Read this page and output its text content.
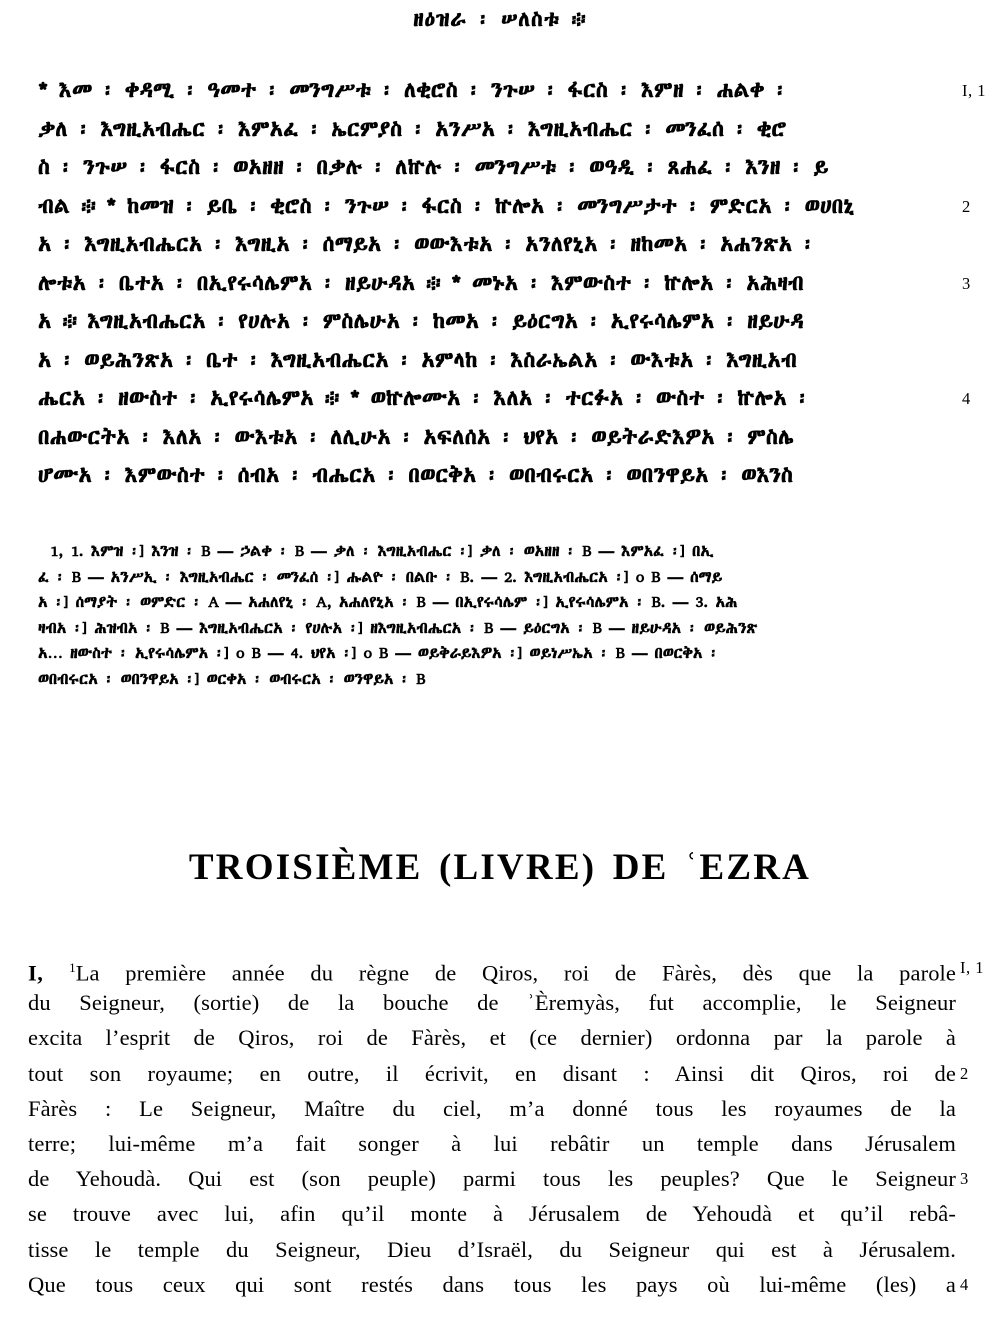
ዘዕዝራ ፡ ሠለስቱ ፨
* እመ ፡ ቀዳሚ ፡ ዓመተ ፡ መንግሥቱ ፡ ለቂሮስ ፡ ንጉሠ ፡ ፋርስ ፡ እምዘ ፡ ሐልቀ ፡	I, 1
ቃለ ፡ እግዚአብሔር ፡ እምአፈ ፡ ኤርምያስ ፡ አንሥአ ፡ እግዚአብሔር ፡ መንፈሰ ፡ ቂሮ
ስ ፡ ንጉሠ ፡ ፋርስ ፡ ወአዘዘ ፡ በቃሉ ፡ ለኵሉ ፡ መንግሥቱ ፡ ወዓዲ ፡ ጸሐፈ ፡ እንዘ ፡ ይ
ብል ፨ * ከመዝ ፡ ይቤ ፡ ቂሮስ ፡ ንጉሠ ፡ ፋርስ ፡ ኵሎአ ፡ መንግሥታተ ፡ ምድርአ ፡ ወሀበኒ	2
አ ፡ እግዚአብሔርአ ፡ እግዚአ ፡ ሰማይአ ፡ ወውእቱአ ፡ አንለየኒአ ፡ ዘከመአ ፡ አሐንጽአ ፡
ሎቱአ ፡ ቤተአ ፡ በኢየሩሳሌምአ ፡ ዘይሁዳአ ፨ * መኑአ ፡ እምውስተ ፡ ኵሎአ ፡ አሕዛብ	3
አ ፨ እግዚአብሔርአ ፡ የሀሉአ ፡ ምስሌሁአ ፡ ከመአ ፡ ይዕርግአ ፡ ኢየሩሳሌምአ ፡ ዘይሁዳ
አ ፡ ወይሕንጽአ ፡ ቤተ ፡ እግዚአብሔርአ ፡ አምላከ ፡ እስራኤልአ ፡ ውእቱአ ፡ እግዚአብ
ሔርአ ፡ ዘውስተ ፡ ኢየሩሳሌምአ ፨ * ወኵሎሙአ ፡ እለአ ፡ ተርፉአ ፡ ውስተ ፡ ኵሎአ ፡	4
በሐውርትአ ፡ እለአ ፡ ውእቱአ ፡ ለሊሁአ ፡ አፍለሰአ ፡ ህየአ ፡ ወይትራድእዎአ ፡ ምስሌ
ሆሙአ ፡ እምውስተ ፡ ሰብአ ፡ ብሔርአ ፡ በወርቅአ ፡ ወበብሩርአ ፡ ወበንዋይአ ፡ ወእንስ
1, 1. እምዝ ፡] እንዝ ፡ B — ኃልቀ ፡ B — ቃለ ፡ እግዚአብሔር ፡] ቃለ ፡ ወአዘዘ ፡ B — እምአፈ ፡] በኢ
ፈ ፡ B — አንሥኢ ፡ እግዚአብሔር ፡ መንፈሰ ፡] ሑልዮ ፡ በልቡ ፡ B. — 2. እግዚአብሔርአ ፡] o B — ሰማይ
አ ፡] ሰማያት ፡ ወምድር ፡ A — አሐለየኒ ፡ A, አሐለየኒአ ፡ B — በኢየሩሳሌም ፡] ኢየሩሳሌምአ ፡ B. — 3. አሕ
ዛብአ ፡] ሕዝብአ ፡ B — እግዚአብሔርአ ፡ የሀሉአ ፡] ዘእግዚአብሔርአ ፡ B — ይዕርግአ ፡ B — ዘይሁዳአ ፡ ወይሕንጽ
አ… ዘውስተ ፡ ኢየሩሳሌምአ ፡] o B — 4. ህየአ ፡] o B — ወይቅራይእዎአ ፡] ወይነሥኤአ ፡ B — በወርቅአ ፡
ወበብሩርአ ፡ ወበንዋይአ ፡] ወርቀአ ፡ ወብሩርአ ፡ ወንዋይአ ፡ B
TROISIÈME (LIVRE) DE ʿEZRA
I, $^1$La première année du règne de Qiros, roi de Fàrès, dès que la parole I, 1
du Seigneur, (sortie) de la bouche de ʾÈremyàs, fut accomplie, le Seigneur
excita l’esprit de Qiros, roi de Fàrès, et (ce dernier) ordonna par la parole à
tout son royaume; en outre, il écrivit, en disant : Ainsi dit Qiros, roi de 2
Fàrès : Le Seigneur, Maître du ciel, m’a donné tous les royaumes de la
terre; lui-même m’a fait songer à lui rebâtir un temple dans Jérusalem
de Yehoudà. Qui est (son peuple) parmi tous les peuples? Que le Seigneur 3
se trouve avec lui, afin qu’il monte à Jérusalem de Yehoudà et qu’il rebâ-
tisse le temple du Seigneur, Dieu d’Israël, du Seigneur qui est à Jérusalem.
Que tous ceux qui sont restés dans tous les pays où lui-même (les) a 4
